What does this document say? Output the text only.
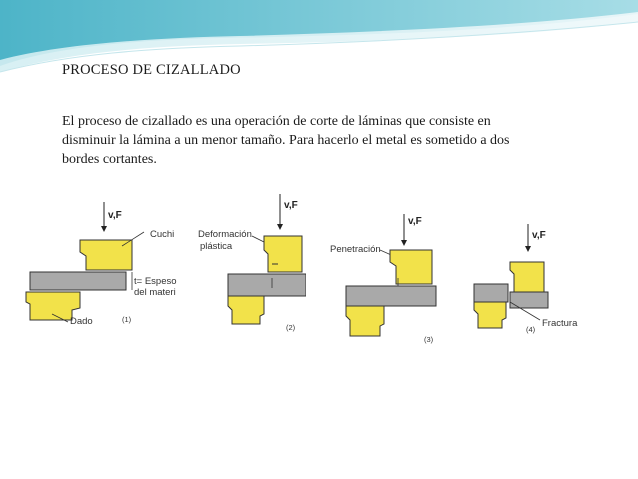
PROCESO DE CIZALLADO
El proceso de cizallado es una operación de corte de láminas que consiste en disminuir la lámina a un menor tamaño. Para hacerlo el metal es sometido a dos bordes cortantes.
v,F
Cuchi
t= Espeso
del materi
Dado	(1)
v,F
Deformación
plástica
(2)
v,F
Penetración
(3)
v,F
Fractura
(4)
